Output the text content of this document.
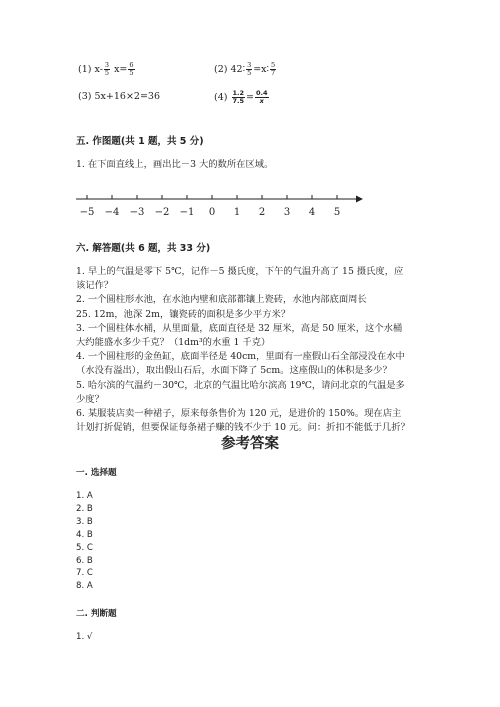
(1) $x- \frac{3}{5} x= \frac{6}{5}$	(2) 42∶ $\frac{3}{5}$ =x∶ $\frac{5}{7}$
(3) 5x+16×2=36	$(4) \frac{1.2}{7.5} = \frac{0.4}{x}$
五. 作图题(共 1 题，共 5 分)
1. 在下面直线上，画出比－3 大的数所在区域。
−5 −4 −3 −2 −1 0 1 2 3 4 5
六. 解答题(共 6 题，共 33 分)
1. 早上的气温是零下 5℃，记作－5 摄氏度，下午的气温升高了 15 摄氏度，应
该记作？
2. 一个圆柱形水池，在水池内壁和底部都镶上瓷砖，水池内部底面周长
25. 12m，池深 2m，镶瓷砖的面积是多少平方米？
3. 一个圆柱体水桶，从里面量，底面直径是 32 厘米，高是 50 厘米，这个水桶
大约能盛水多少千克？（1dm³的水重 1 千克）
4. 一个圆柱形的金鱼缸，底面半径是 40cm，里面有一座假山石全部浸没在水中
（水没有溢出），取出假山石后，水面下降了 5cm。这座假山的体积是多少？
5. 哈尔滨的气温约－30℃，北京的气温比哈尔滨高 19℃，请问北京的气温是多
少度？
6. 某服装店卖一种裙子，原来每条售价为 120 元，是进价的 150%。现在店主
计划打折促销，但要保证每条裙子赚的钱不少于 10 元。问：折扣不能低于几折？
参考答案
一. 选择题
1. A
2. B
3. B
4. B
5. C
6. B
7. C
8. A
二. 判断题
1. √
